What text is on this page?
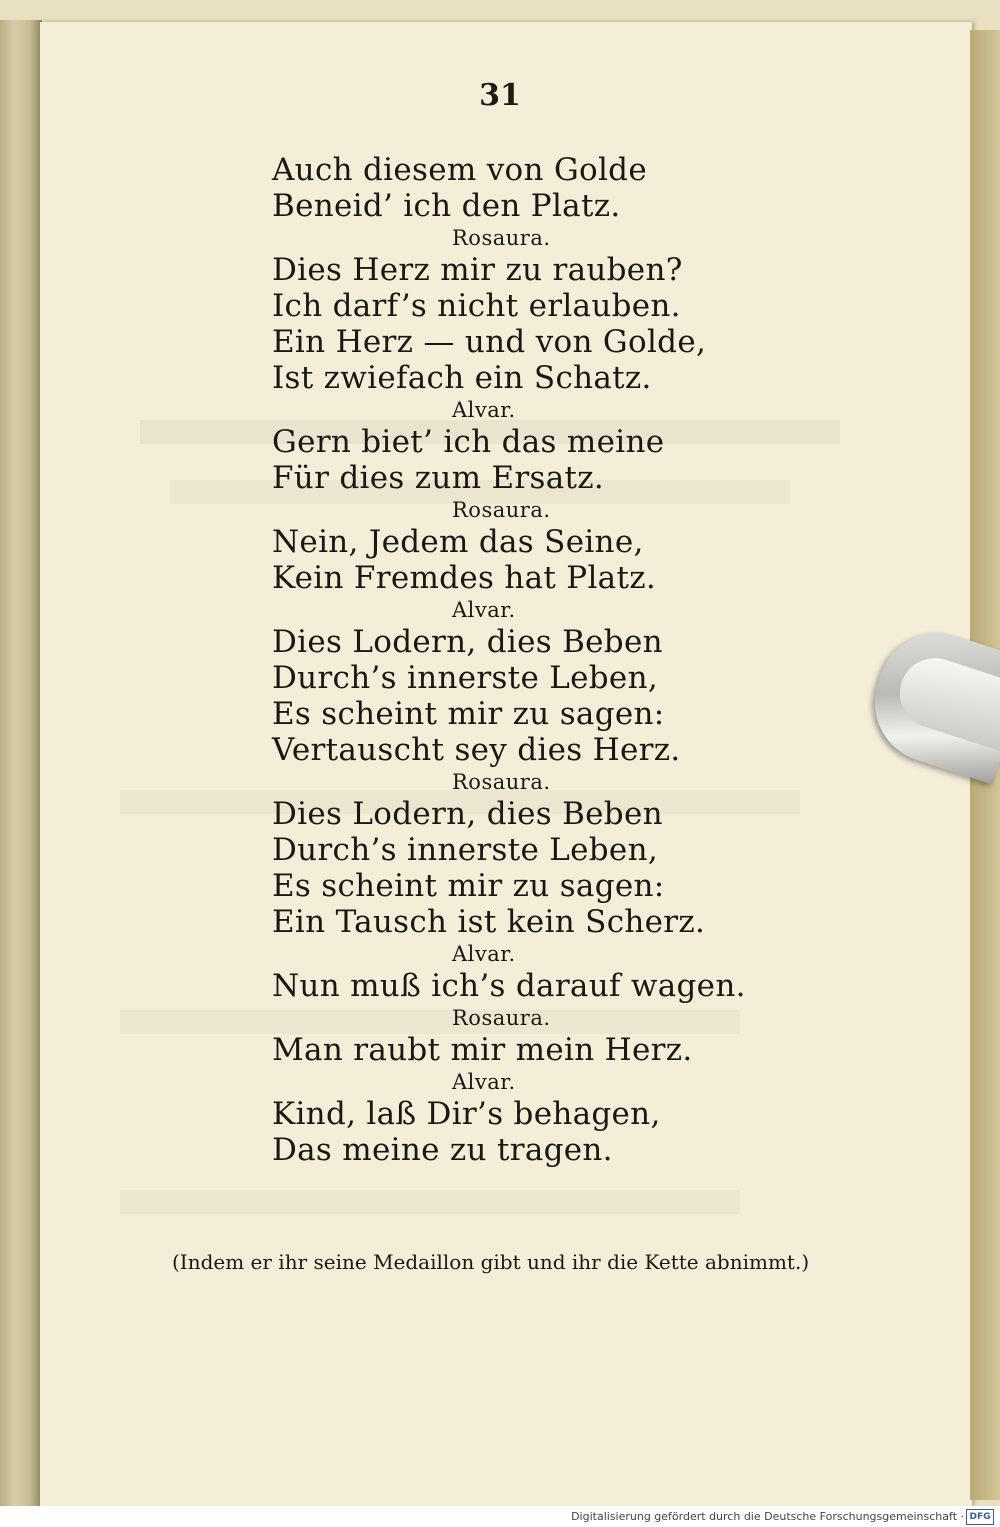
31
Auch diesem von Golde
Beneid’ ich den Platz.
Rosaura.
Dies Herz mir zu rauben?
Ich darf’s nicht erlauben.
Ein Herz — und von Golde,
Ist zwiefach ein Schatz.
Alvar.
Gern biet’ ich das meine
Für dies zum Ersatz.
Rosaura.
Nein, Jedem das Seine,
Kein Fremdes hat Platz.
Alvar.
Dies Lodern, dies Beben
Durch’s innerste Leben,
Es scheint mir zu sagen:
Vertauscht sey dies Herz.
Rosaura.
Dies Lodern, dies Beben
Durch’s innerste Leben,
Es scheint mir zu sagen:
Ein Tausch ist kein Scherz.
Alvar.
Nun muß ich’s darauf wagen.
Rosaura.
Man raubt mir mein Herz.
Alvar.
Kind, laß Dir’s behagen,
Das meine zu tragen.
(Indem er ihr seine Medaillon gibt und ihr die Kette abnimmt.)
Digitalisierung gefördert durch die Deutsche Forschungsgemeinschaft · DFG
